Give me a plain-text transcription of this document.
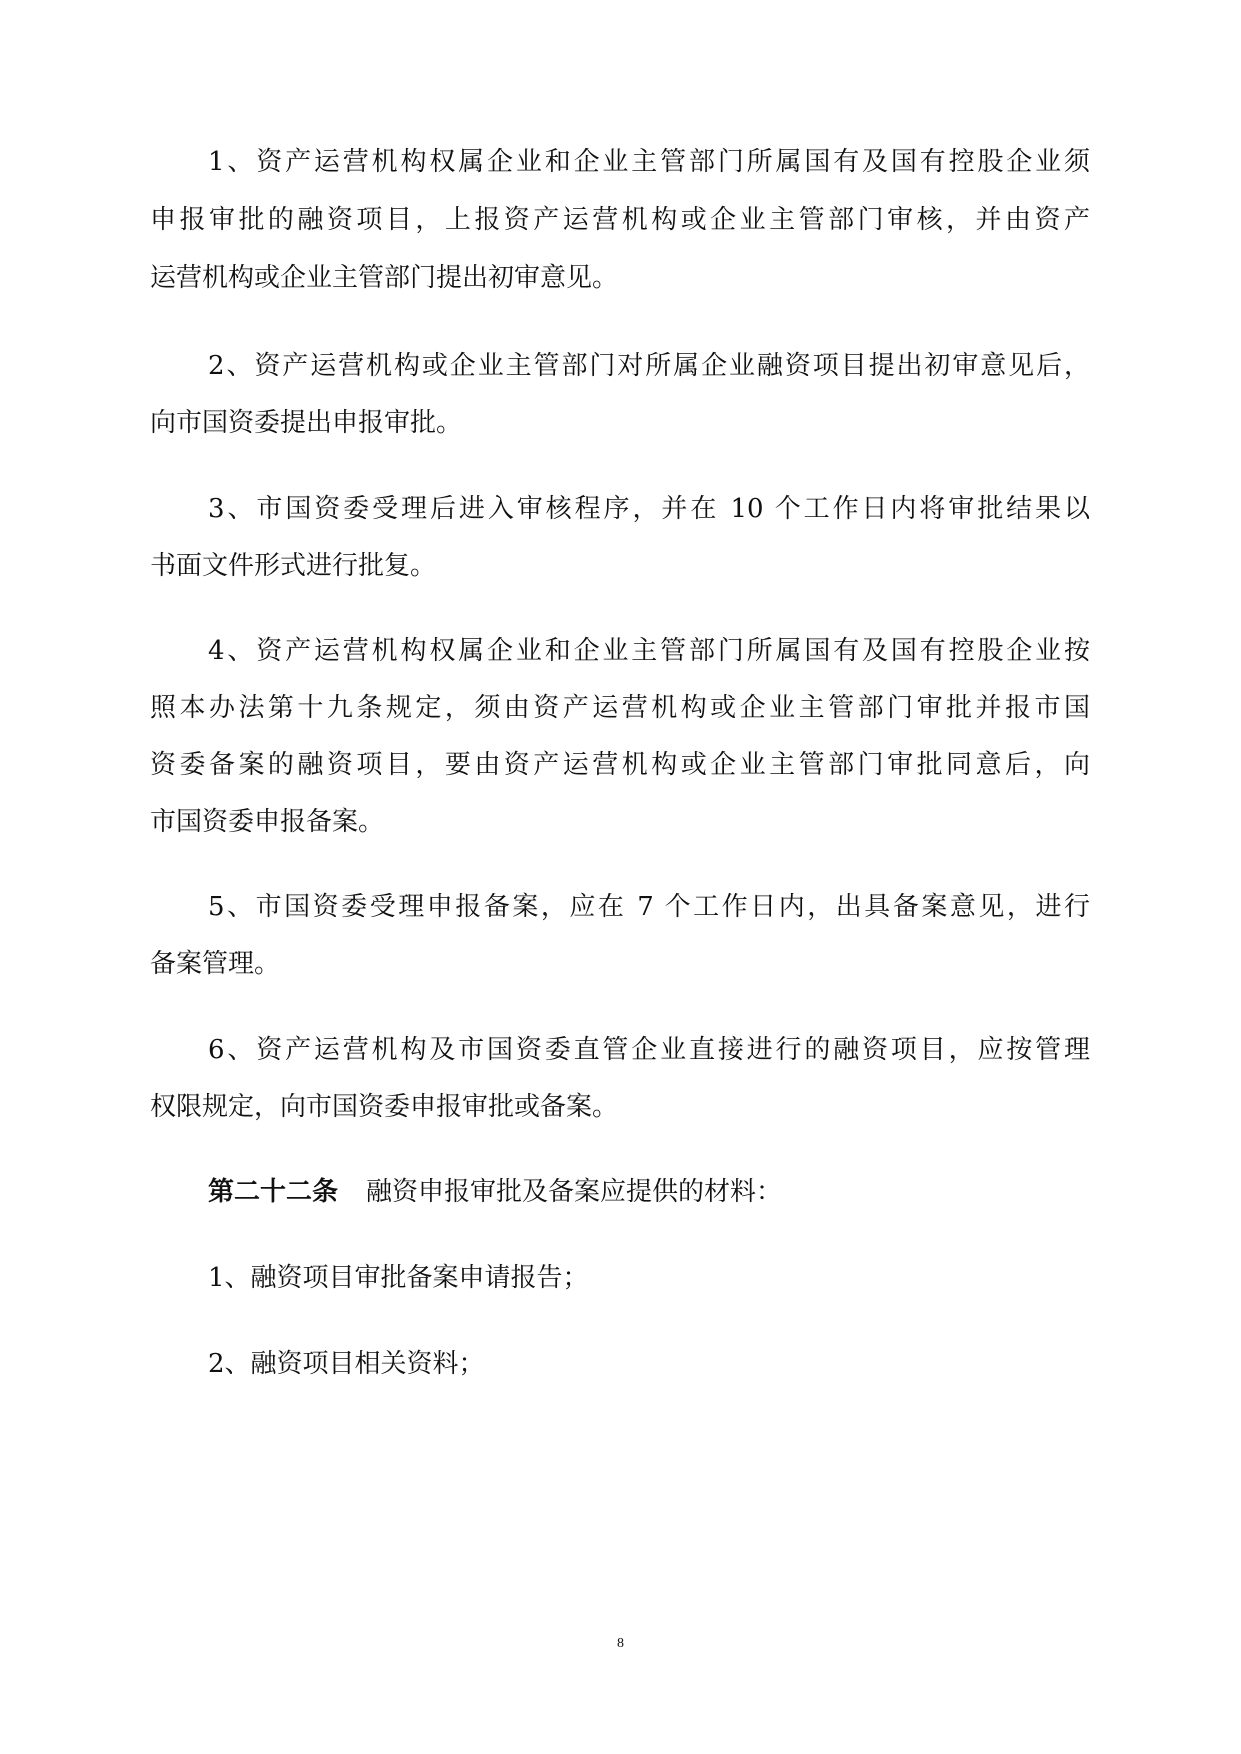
1、资产运营机构权属企业和企业主管部门所属国有及国有控股企业须
申报审批的融资项目，上报资产运营机构或企业主管部门审核，并由资产
运营机构或企业主管部门提出初审意见。
2、资产运营机构或企业主管部门对所属企业融资项目提出初审意见后，
向市国资委提出申报审批。
3、市国资委受理后进入审核程序，并在 10 个工作日内将审批结果以
书面文件形式进行批复。
4、资产运营机构权属企业和企业主管部门所属国有及国有控股企业按
照本办法第十九条规定，须由资产运营机构或企业主管部门审批并报市国
资委备案的融资项目，要由资产运营机构或企业主管部门审批同意后，向
市国资委申报备案。
5、市国资委受理申报备案，应在 7 个工作日内，出具备案意见，进行
备案管理。
6、资产运营机构及市国资委直管企业直接进行的融资项目，应按管理
权限规定，向市国资委申报审批或备案。
第二十二条 融资申报审批及备案应提供的材料：
1、融资项目审批备案申请报告；
2、融资项目相关资料；
8
